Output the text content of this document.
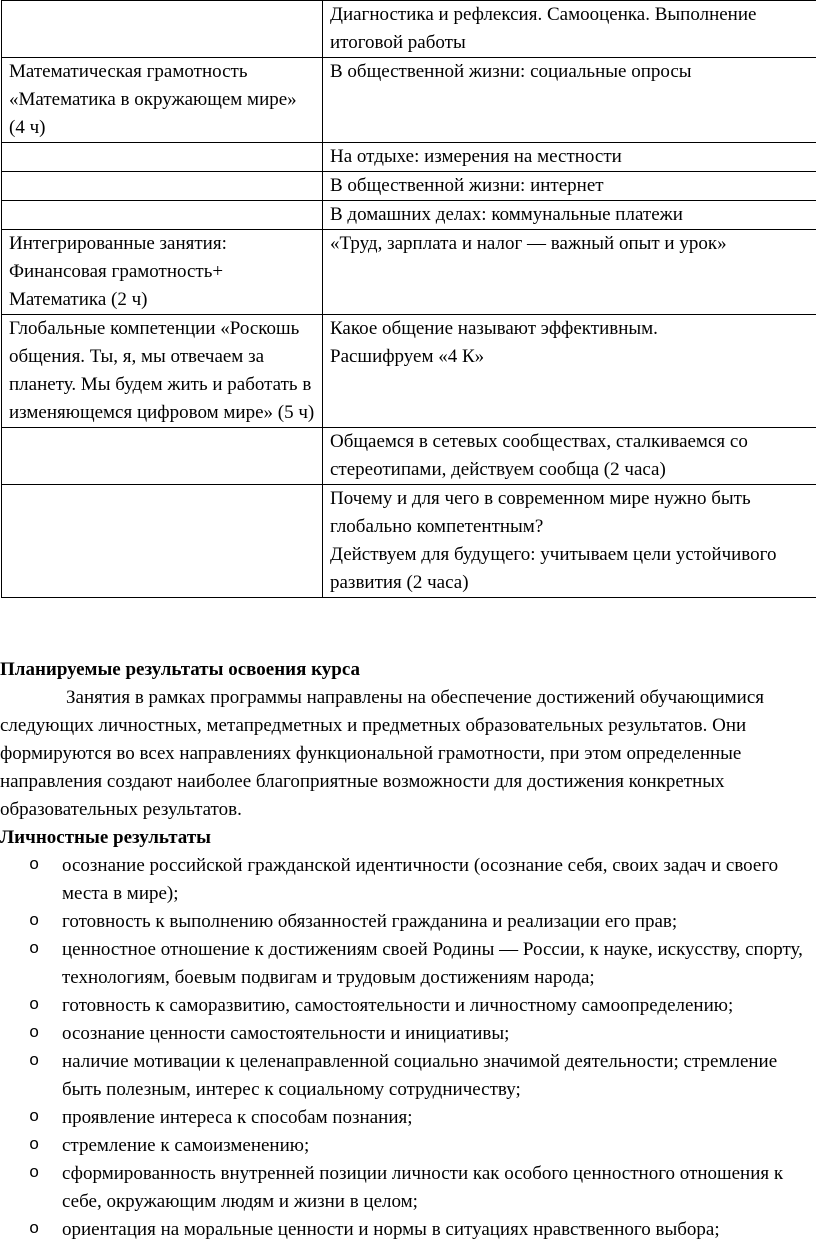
	Диагностика и рефлексия. Самооценка. Выполнение итоговой работы
Математическая грамотность «Математика в окружающем мире» (4 ч)	В общественной жизни: социальные опросы
	На отдыхе: измерения на местности
	В общественной жизни: интернет
	В домашних делах: коммунальные платежи
Интегрированные занятия: Финансовая грамотность+ Математика (2 ч)	«Труд, зарплата и налог — важный опыт и урок»
Глобальные компетенции «Роскошь общения. Ты, я, мы отвечаем за планету. Мы будем жить и работать в изменяющемся цифровом мире» (5 ч)	Какое общение называют эффективным.
Расшифруем «4 К»
	Общаемся в сетевых сообществах, сталкиваемся со стереотипами, действуем сообща (2 часа)
	Почему и для чего в современном мире нужно быть глобально компетентным?
Действуем для будущего: учитываем цели устойчивого развития (2 часа)

Планируемые результаты освоения курса

Занятия в рамках программы направлены на обеспечение достижений обучающимися следующих личностных, метапредметных и предметных образовательных результатов. Они формируются во всех направлениях функциональной грамотности, при этом определенные направления создают наиболее благоприятные возможности для достижения конкретных образовательных результатов.

Личностные результаты

o осознание российской гражданской идентичности (осознание себя, своих задач и своего места в мире);
o готовность к выполнению обязанностей гражданина и реализации его прав;
o ценностное отношение к достижениям своей Родины — России, к науке, искусству, спорту, технологиям, боевым подвигам и трудовым достижениям народа;
o готовность к саморазвитию, самостоятельности и личностному самоопределению;
o осознание ценности самостоятельности и инициативы;
o наличие мотивации к целенаправленной социально значимой деятельности; стремление быть полезным, интерес к социальному сотрудничеству;
o проявление интереса к способам познания;
o стремление к самоизменению;
o сформированность внутренней позиции личности как особого ценностного отношения к себе, окружающим людям и жизни в целом;
o ориентация на моральные ценности и нормы в ситуациях нравственного выбора;
